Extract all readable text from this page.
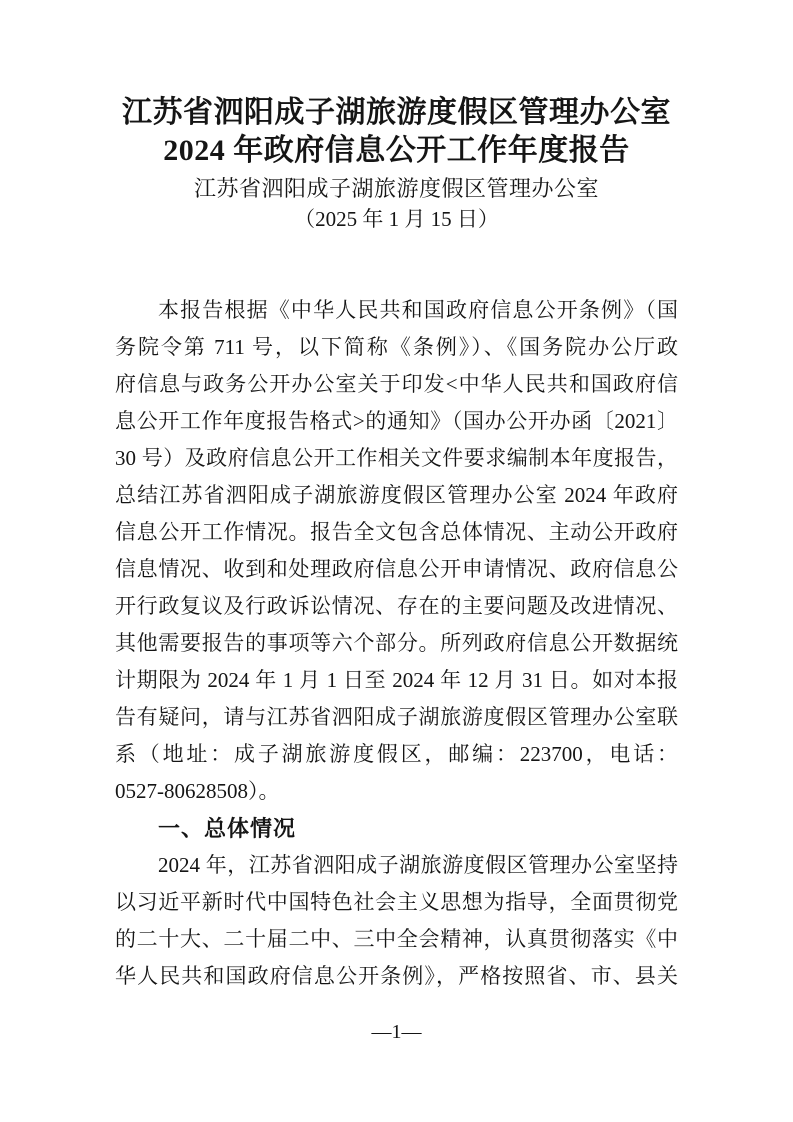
江苏省泗阳成子湖旅游度假区管理办公室
2024 年政府信息公开工作年度报告
江苏省泗阳成子湖旅游度假区管理办公室
（2025 年 1 月 15 日）
本报告根据《中华人民共和国政府信息公开条例》（国
务院令第 711 号，以下简称《条例》）、《国务院办公厅政
府信息与政务公开办公室关于印发<中华人民共和国政府信
息公开工作年度报告格式>的通知》（国办公开办函〔2021〕
30 号）及政府信息公开工作相关文件要求编制本年度报告，
总结江苏省泗阳成子湖旅游度假区管理办公室 2024 年政府
信息公开工作情况。报告全文包含总体情况、主动公开政府
信息情况、收到和处理政府信息公开申请情况、政府信息公
开行政复议及行政诉讼情况、存在的主要问题及改进情况、
其他需要报告的事项等六个部分。所列政府信息公开数据统
计期限为 2024 年 1 月 1 日至 2024 年 12 月 31 日。如对本报
告有疑问，请与江苏省泗阳成子湖旅游度假区管理办公室联
系（地址：成子湖旅游度假区，邮编：223700，电话：
0527-80628508）。
一、总体情况
2024 年，江苏省泗阳成子湖旅游度假区管理办公室坚持
以习近平新时代中国特色社会主义思想为指导，全面贯彻党
的二十大、二十届二中、三中全会精神，认真贯彻落实《中
华人民共和国政府信息公开条例》，严格按照省、市、县关
—1—
